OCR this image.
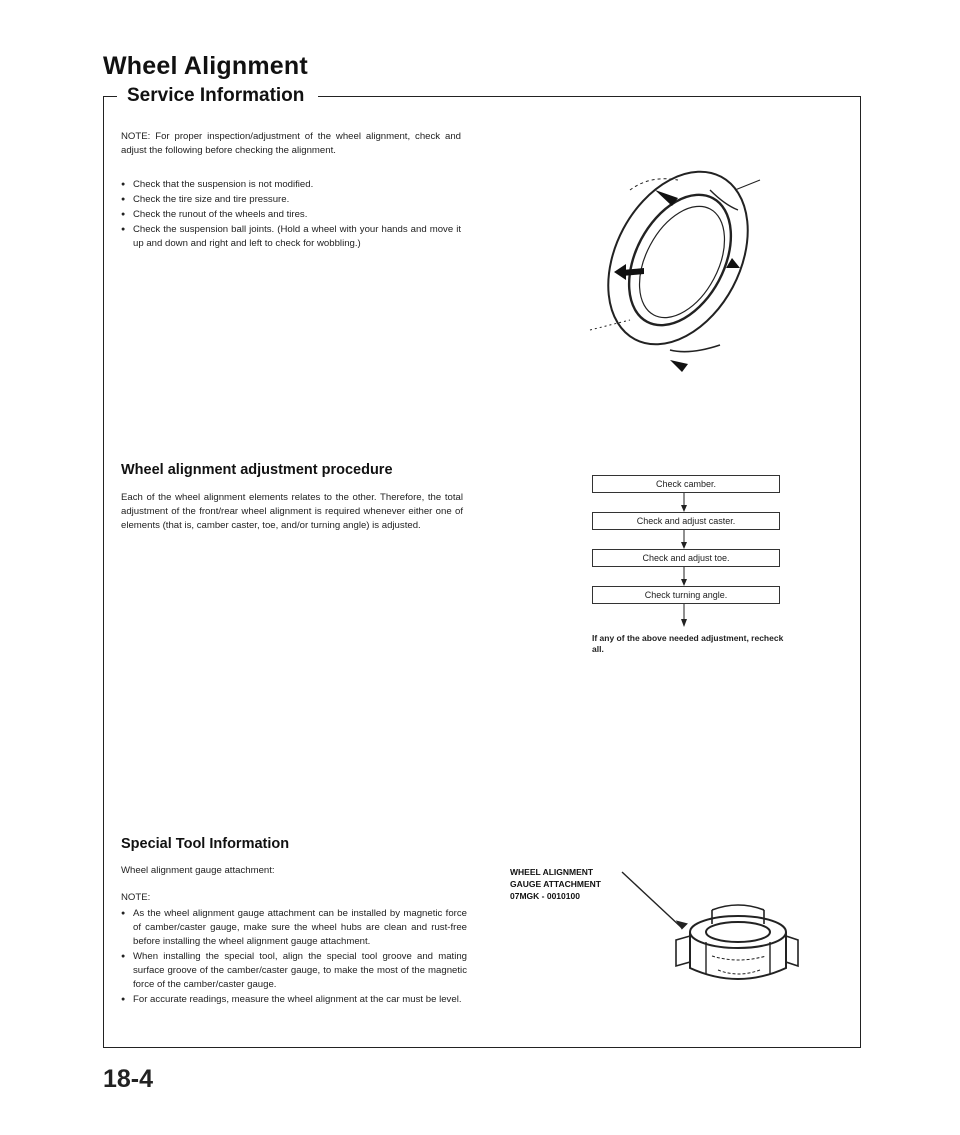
Wheel Alignment
Service Information

NOTE: For proper inspection/adjustment of the wheel alignment, check and adjust the following before checking the alignment.

● Check that the suspension is not modified.
● Check the tire size and tire pressure.
● Check the runout of the wheels and tires.
● Check the suspension ball joints. (Hold a wheel with your hands and move it up and down and right and left to check for wobbling.)
Wheel alignment adjustment procedure

Each of the wheel alignment elements relates to the other. Therefore, the total adjustment of the front/rear wheel alignment is required whenever either one of elements (that is, camber caster, toe, and/or turning angle) is adjusted.

Check camber.
Check and adjust caster.
Check and adjust toe.
Check turning angle.

If any of the above needed adjustment, recheck all.

Special Tool Information

Wheel alignment gauge attachment:

NOTE:

● As the wheel alignment gauge attachment can be installed by magnetic force of camber/caster gauge, make sure the wheel hubs are clean and rust-free before installing the wheel alignment gauge attachment.
● When installing the special tool, align the special tool groove and mating surface groove of the camber/caster gauge, to make the most of the magnetic force of the camber/caster gauge.
● For accurate readings, measure the wheel alignment at the car must be level.
WHEEL ALIGNMENT
GAUGE ATTACHMENT
07MGK - 0010100

18-4
